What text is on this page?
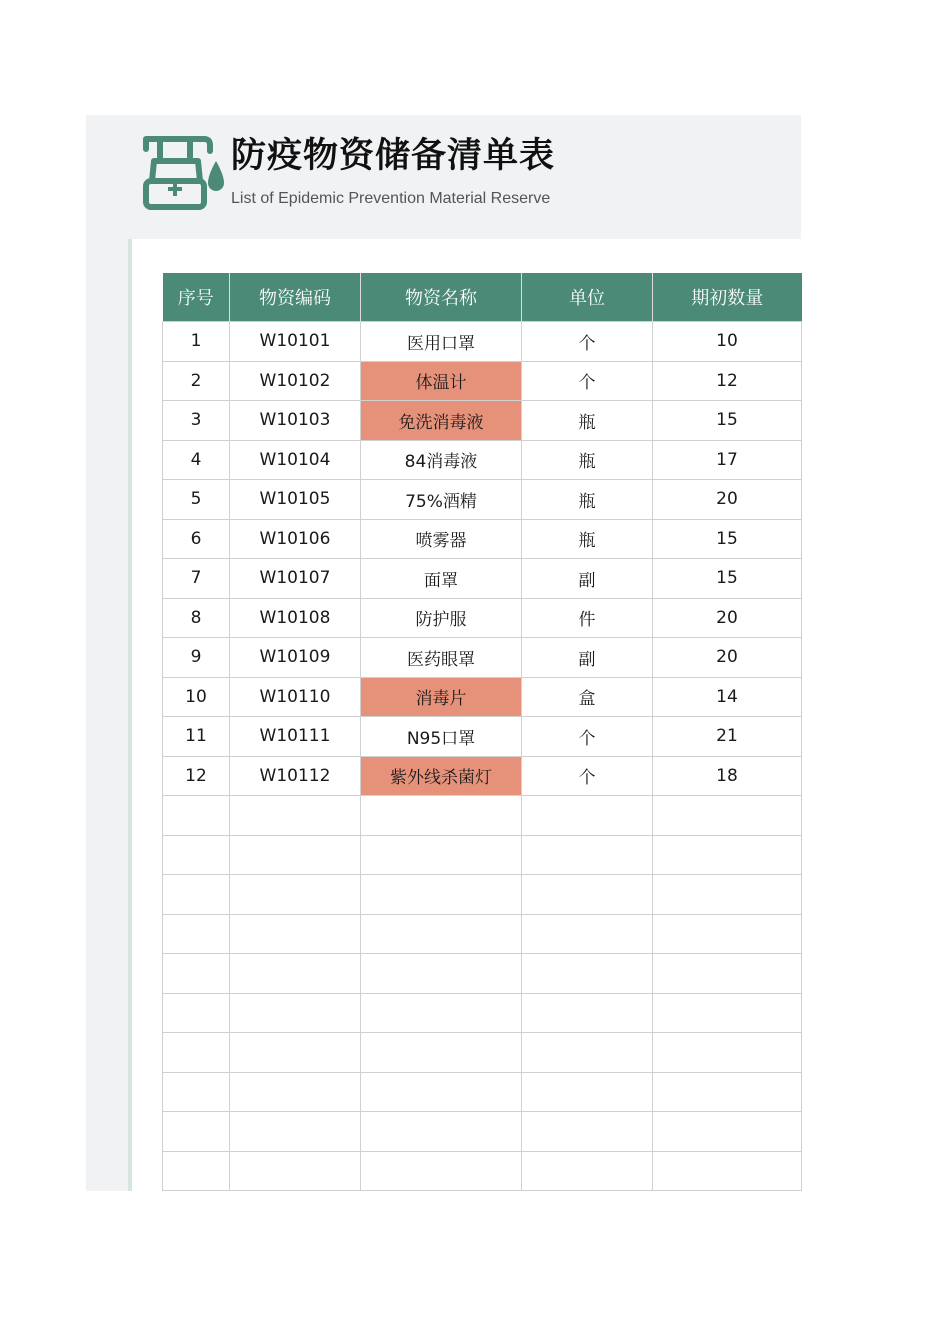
防疫物资储备清单表
List of Epidemic Prevention Material Reserve
序号	物资编码	物资名称	单位	期初数量
1	W10101	医用口罩	个	10
2	W10102	体温计	个	12
3	W10103	免洗消毒液	瓶	15
4	W10104	84消毒液	瓶	17
5	W10105	75%酒精	瓶	20
6	W10106	喷雾器	瓶	15
7	W10107	面罩	副	15
8	W10108	防护服	件	20
9	W10109	医药眼罩	副	20
10	W10110	消毒片	盒	14
11	W10111	N95口罩	个	21
12	W10112	紫外线杀菌灯	个	18
